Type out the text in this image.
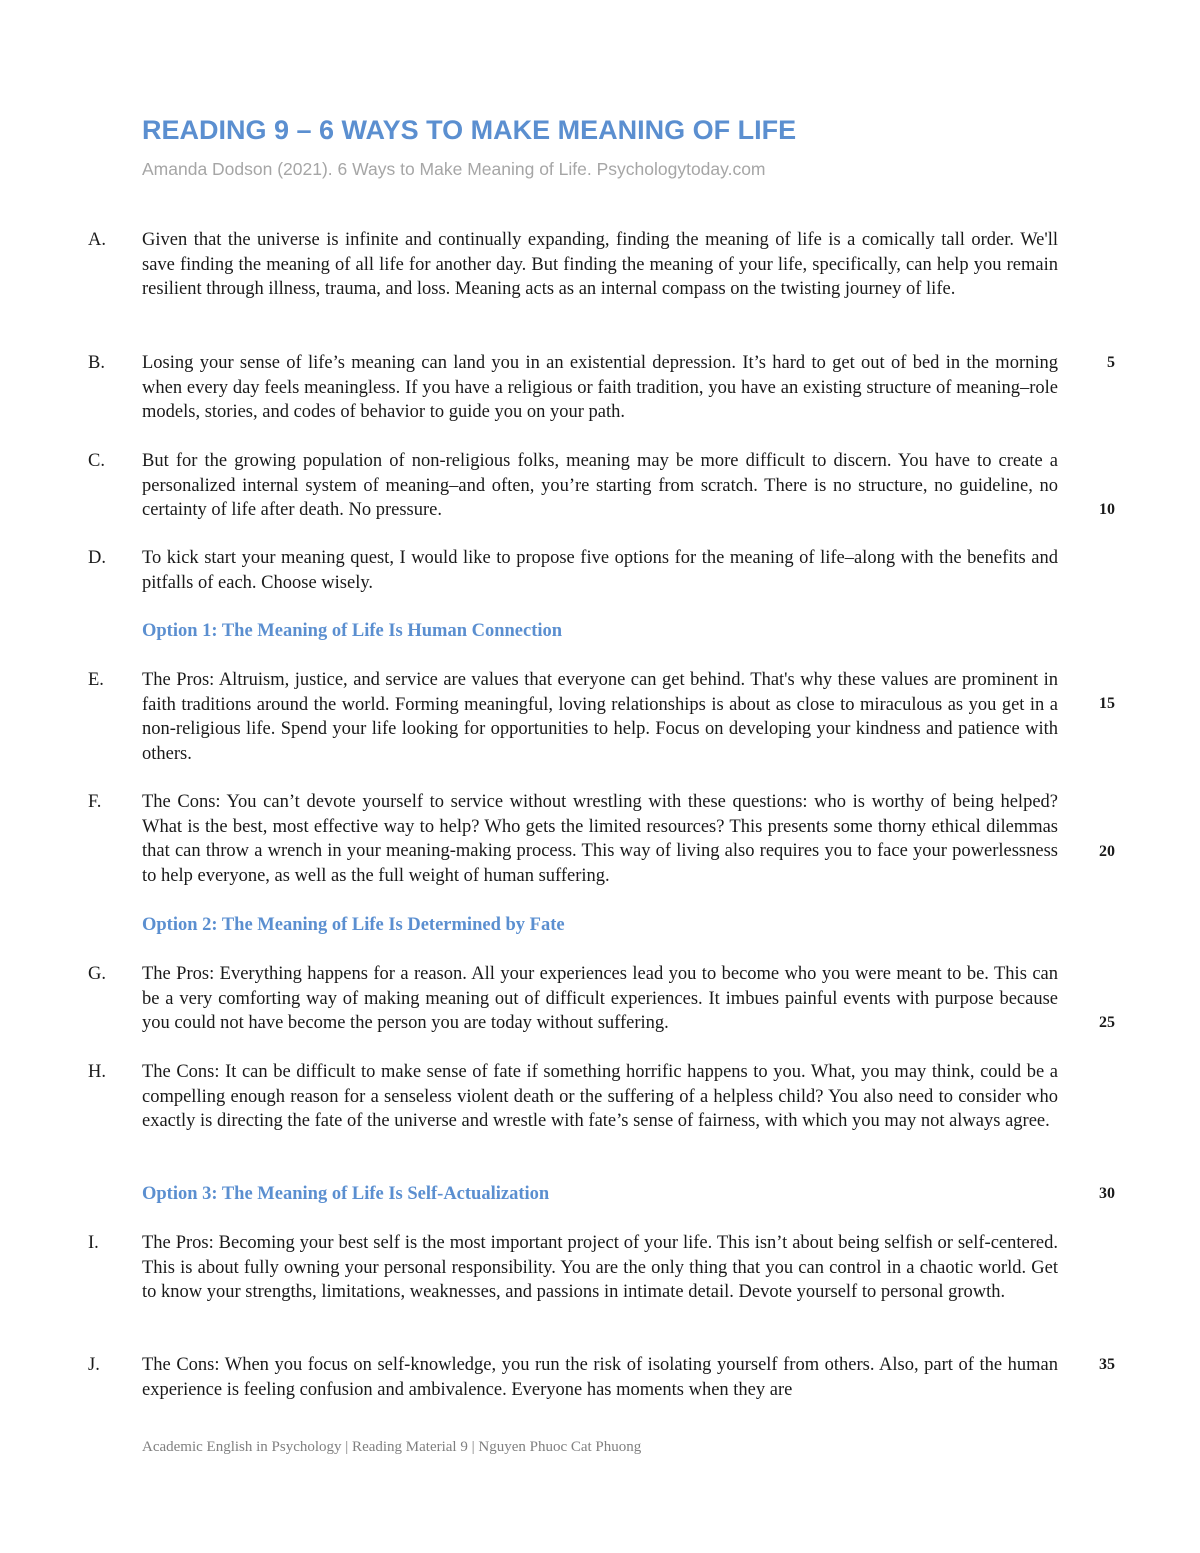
READING 9 – 6 WAYS TO MAKE MEANING OF LIFE

Amanda Dodson (2021). 6 Ways to Make Meaning of Life. Psychologytoday.com

A. Given that the universe is infinite and continually expanding, finding the meaning of life is a comically tall order. We'll save finding the meaning of all life for another day. But finding the meaning of your life, specifically, can help you remain resilient through illness, trauma, and loss. Meaning acts as an internal compass on the twisting journey of life.

B. Losing your sense of life’s meaning can land you in an existential depression. It’s hard to get out of bed in the morning when every day feels meaningless. If you have a religious or faith tradition, you have an existing structure of meaning–role models, stories, and codes of behavior to guide you on your path.

C. But for the growing population of non-religious folks, meaning may be more difficult to discern. You have to create a personalized internal system of meaning–and often, you’re starting from scratch. There is no structure, no guideline, no certainty of life after death. No pressure.

D. To kick start your meaning quest, I would like to propose five options for the meaning of life–along with the benefits and pitfalls of each. Choose wisely.

Option 1: The Meaning of Life Is Human Connection
E. The Pros: Altruism, justice, and service are values that everyone can get behind. That's why these values are prominent in faith traditions around the world. Forming meaningful, loving relationships is about as close to miraculous as you get in a non-religious life. Spend your life looking for opportunities to help. Focus on developing your kindness and patience with others.

F. The Cons: You can’t devote yourself to service without wrestling with these questions: who is worthy of being helped? What is the best, most effective way to help? Who gets the limited resources? This presents some thorny ethical dilemmas that can throw a wrench in your meaning-making process. This way of living also requires you to face your powerlessness to help everyone, as well as the full weight of human suffering.

Option 2: The Meaning of Life Is Determined by Fate
G. The Pros: Everything happens for a reason. All your experiences lead you to become who you were meant to be. This can be a very comforting way of making meaning out of difficult experiences. It imbues painful events with purpose because you could not have become the person you are today without suffering.

H. The Cons: It can be difficult to make sense of fate if something horrific happens to you. What, you may think, could be a compelling enough reason for a senseless violent death or the suffering of a helpless child? You also need to consider who exactly is directing the fate of the universe and wrestle with fate’s sense of fairness, with which you may not always agree.

Option 3: The Meaning of Life Is Self-Actualization
I. The Pros: Becoming your best self is the most important project of your life. This isn’t about being selfish or self-centered. This is about fully owning your personal responsibility. You are the only thing that you can control in a chaotic world. Get to know your strengths, limitations, weaknesses, and passions in intimate detail. Devote yourself to personal growth.

J. The Cons: When you focus on self-knowledge, you run the risk of isolating yourself from others. Also, part of the human experience is feeling confusion and ambivalence. Everyone has moments when they are

5
10
15
20
25
30
35

Academic English in Psychology | Reading Material 9 | Nguyen Phuoc Cat Phuong
